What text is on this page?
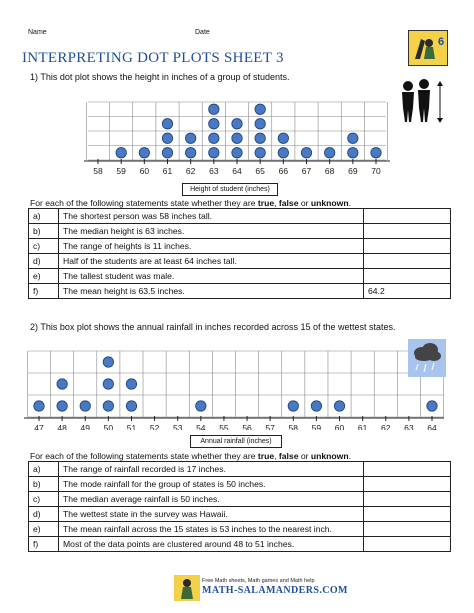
Name	Date
6
INTERPRETING DOT PLOTS SHEET 3
1) This dot plot shows the height in inches of a group of students.
58 59 60 61 62 63 64 65 66 67 68 69 70
Height of student (inches)
For each of the following statements state whether they are true, false or unknown.
a)	The shortest person was 58 inches tall.	
b)	The median height is 63 inches.	
c)	The range of heights is 11 inches.	
d)	Half of the students are at least 64 inches tall.	
e)	The tallest student was male.	
f)	The mean height is 63.5 inches.	64.2
2) This box plot shows the annual rainfall in inches recorded across 15 of the wettest states.
47 48 49 50 51 52 53 54 55 56 57 58 59 60 61 62 63 64
Annual rainfall (inches)
For each of the following statements state whether they are true, false or unknown.
a)	The range of rainfall recorded is 17 inches.	
b)	The mode rainfall for the group of states is 50 inches.	
c)	The median average rainfall is 50 inches.	
d)	The wettest state in the survey was Hawaii.	
e)	The mean rainfall across the 15 states is 53 inches to the nearest inch.	
f)	Most of the data points are clustered around 48 to 51 inches.	
Free Math sheets, Math games and Math help
MATH-SALAMANDERS.COM
